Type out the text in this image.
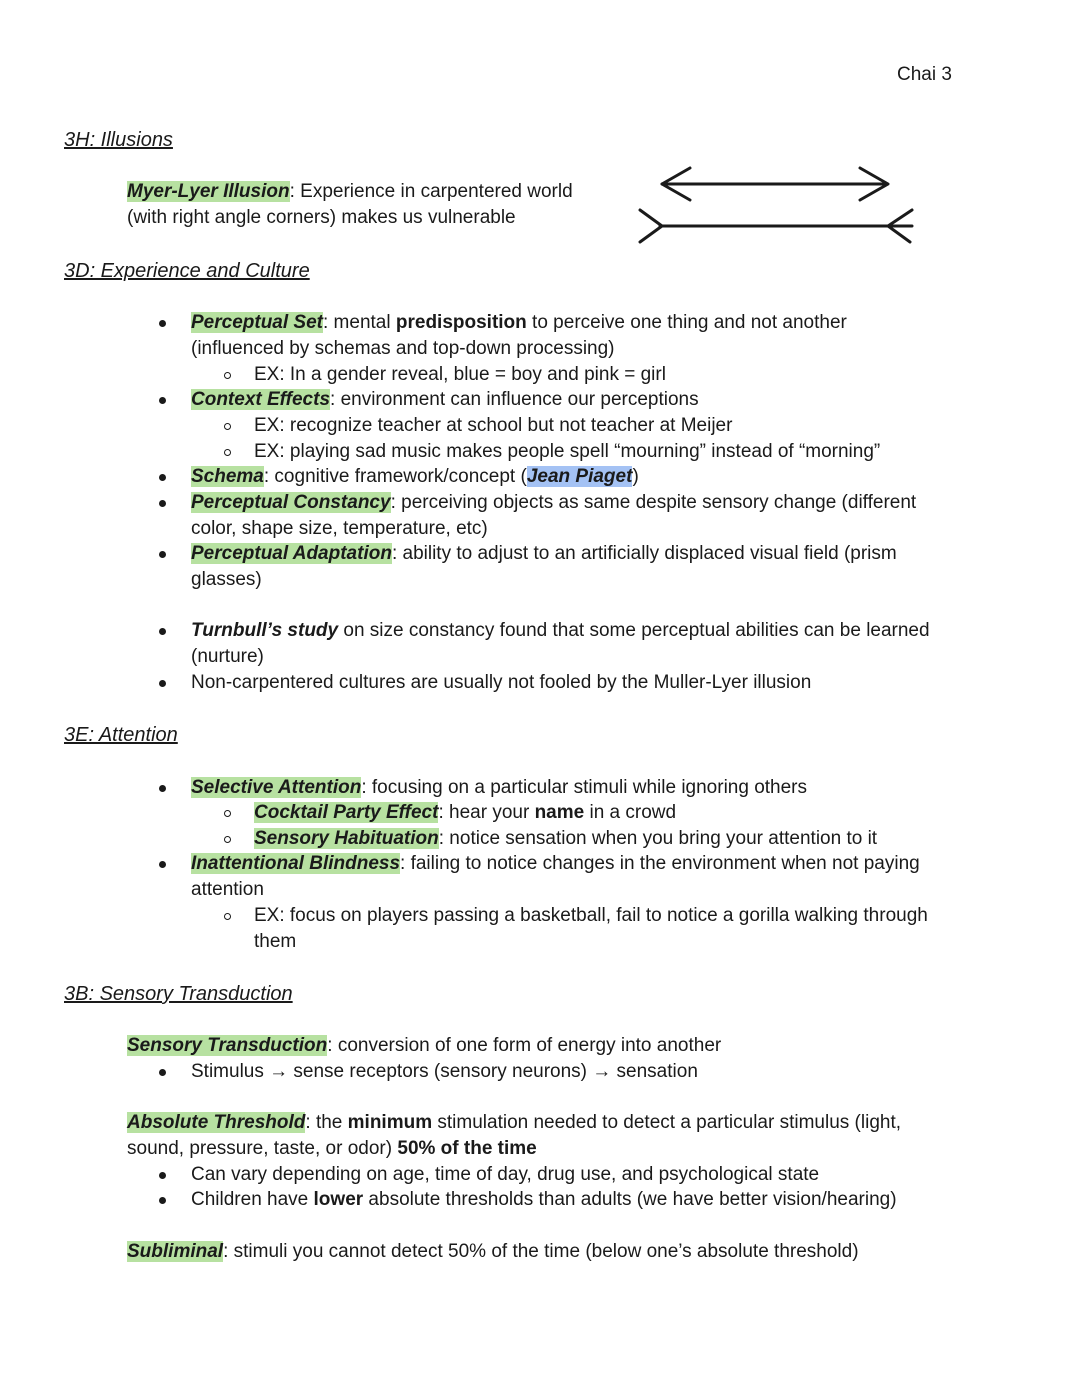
Chai 3
3H: Illusions
Myer-Lyer Illusion: Experience in carpentered world
(with right angle corners) makes us vulnerable
3D: Experience and Culture
Perceptual Set: mental predisposition to perceive one thing and not another
(influenced by schemas and top-down processing)
EX: In a gender reveal, blue = boy and pink = girl
Context Effects: environment can influence our perceptions
EX: recognize teacher at school but not teacher at Meijer
EX: playing sad music makes people spell “mourning” instead of “morning”
Schema: cognitive framework/concept (Jean Piaget)
Perceptual Constancy: perceiving objects as same despite sensory change (different
color, shape size, temperature, etc)
Perceptual Adaptation: ability to adjust to an artificially displaced visual field (prism
glasses)
Turnbull’s study on size constancy found that some perceptual abilities can be learned
(nurture)
Non-carpentered cultures are usually not fooled by the Muller-Lyer illusion
3E: Attention
Selective Attention: focusing on a particular stimuli while ignoring others
Cocktail Party Effect: hear your name in a crowd
Sensory Habituation: notice sensation when you bring your attention to it
Inattentional Blindness: failing to notice changes in the environment when not paying
attention
EX: focus on players passing a basketball, fail to notice a gorilla walking through
them
3B: Sensory Transduction
Sensory Transduction: conversion of one form of energy into another
Stimulus → sense receptors (sensory neurons) → sensation
Absolute Threshold: the minimum stimulation needed to detect a particular stimulus (light,
sound, pressure, taste, or odor) 50% of the time
Can vary depending on age, time of day, drug use, and psychological state
Children have lower absolute thresholds than adults (we have better vision/hearing)
Subliminal: stimuli you cannot detect 50% of the time (below one’s absolute threshold)
